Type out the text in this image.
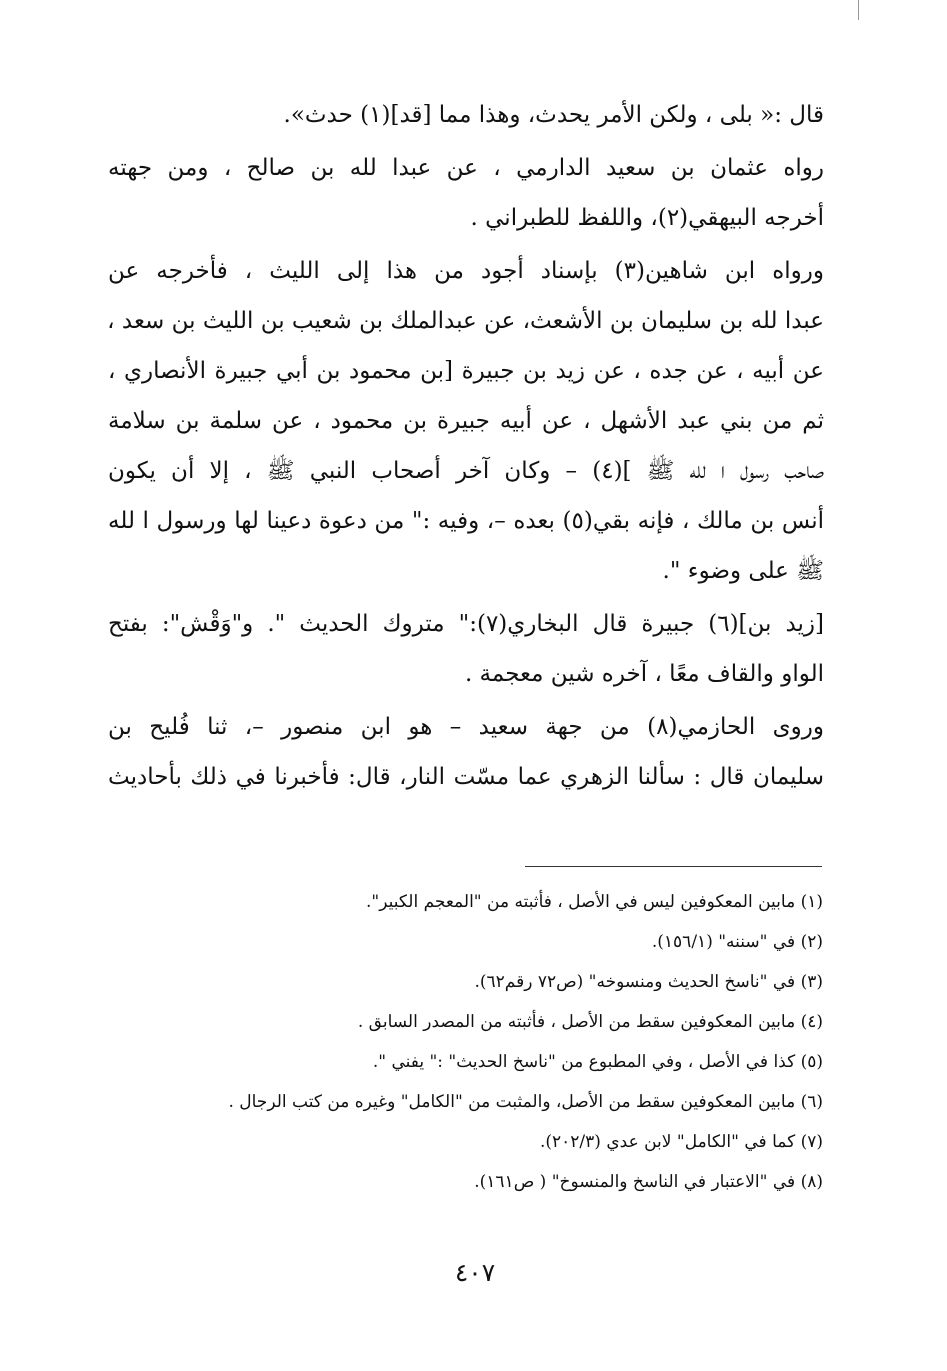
قال :« بلى ، ولكن الأمر يحدث، وهذا مما [قد](١) حدث».
رواه عثمان بن سعيد الدارمي ، عن عبدا لله بن صالح ، ومن جهته
أخرجه البيهقي(٢)، واللفظ للطبراني .
ورواه ابن شاهين(٣) بإسناد أجود من هذا إلى الليث ، فأخرجه عن
عبدا لله بن سليمان بن الأشعث، عن عبدالملك بن شعيب بن الليث بن سعد ،
عن أبيه ، عن جده ، عن زيد بن جبيرة [بن محمود بن أبي جبيرة الأنصاري ،
ثم من بني عبد الأشهل ، عن أبيه جبيرة بن محمود ، عن سلمة بن سلامة
صاحب رسول ا لله ﷺ ](٤) – وكان آخر أصحاب النبي ﷺ ، إلا أن يكون
أنس بن مالك ، فإنه بقي(٥) بعده –، وفيه :" من دعوة دعينا لها ورسول ا لله
ﷺ على وضوء ".
[زيد بن](٦) جبيرة قال البخاري(٧):" متروك الحديث ". و"وَقْش": بفتح
الواو والقاف معًا ، آخره شين معجمة .
وروى الحازمي(٨) من جهة سعيد – هو ابن منصور –، ثنا فُليح بن
سليمان قال : سألنا الزهري عما مسّت النار، قال: فأخبرنا في ذلك بأحاديث
(١) مابين المعكوفين ليس في الأصل ، فأثبته من "المعجم الكبير".
(٢) في "سننه" (١٥٦/١).
(٣) في "ناسخ الحديث ومنسوخه" (ص٧٢ رقم٦٢).
(٤) مابين المعكوفين سقط من الأصل ، فأثبته من المصدر السابق .
(٥) كذا في الأصل ، وفي المطبوع من "ناسخ الحديث" :" يفني ".
(٦) مابين المعكوفين سقط من الأصل، والمثبت من "الكامل" وغيره من كتب الرجال .
(٧) كما في "الكامل" لابن عدي (٢٠٢/٣).
(٨) في "الاعتبار في الناسخ والمنسوخ" ( ص١٦١).
٤٠٧
